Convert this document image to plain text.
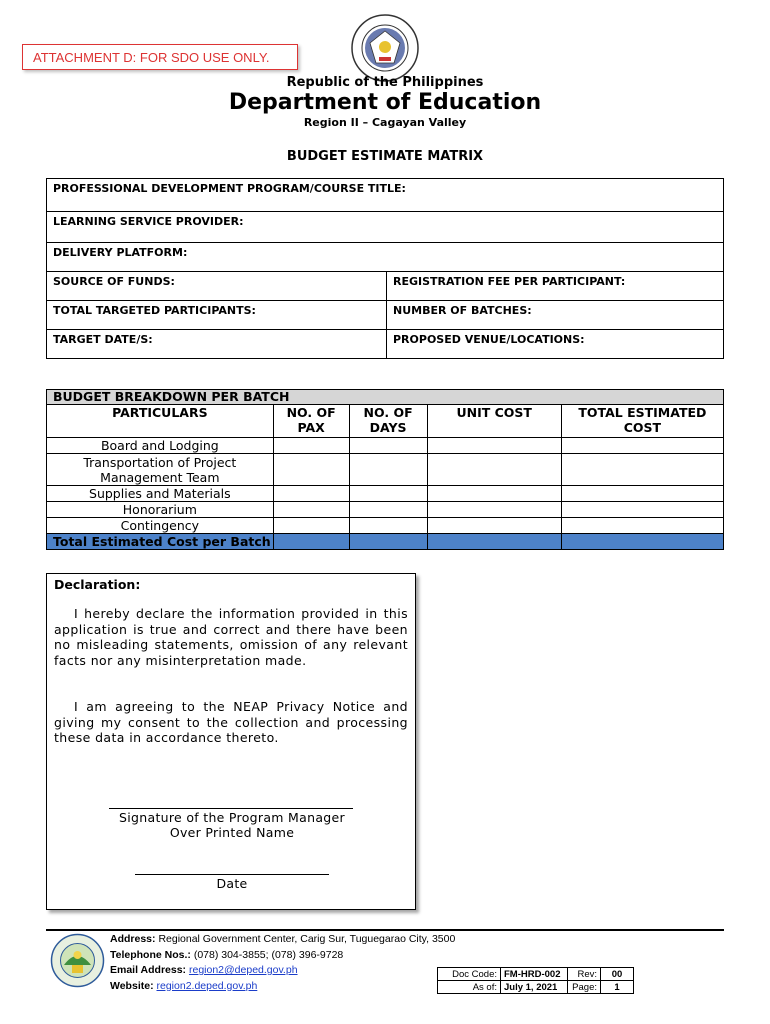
ATTACHMENT D: FOR SDO USE ONLY.
Republic of the Philippines
Department of Education
Region II – Cagayan Valley
BUDGET ESTIMATE MATRIX
PROFESSIONAL DEVELOPMENT PROGRAM/COURSE TITLE:	
LEARNING SERVICE PROVIDER:	
DELIVERY PLATFORM:	
SOURCE OF FUNDS:	REGISTRATION FEE PER PARTICIPANT:
TOTAL TARGETED PARTICIPANTS:	NUMBER OF BATCHES:
TARGET DATE/S:	PROPOSED VENUE/LOCATIONS:
BUDGET BREAKDOWN PER BATCH				
PARTICULARS	NO. OF PAX	NO. OF DAYS	UNIT COST	TOTAL ESTIMATED COST
Board and Lodging				
Transportation of Project Management Team				
Supplies and Materials				
Honorarium				
Contingency				
Total Estimated Cost per Batch				
Declaration:

I hereby declare the information provided in this application is true and correct and there have been no misleading statements, omission of any relevant facts nor any misinterpretation made.

I am agreeing to the NEAP Privacy Notice and giving my consent to the collection and processing these data in accordance thereto.

Signature of the Program Manager
Over Printed Name
Date
Address: Regional Government Center, Carig Sur, Tuguegarao City, 3500
Telephone Nos.: (078) 304-3855; (078) 396-9728
Email Address: region2@deped.gov.ph
Website: region2.deped.gov.ph
Doc Code:	FM-HRD-002	Rev:	00
As of:	July 1, 2021	Page:	1
